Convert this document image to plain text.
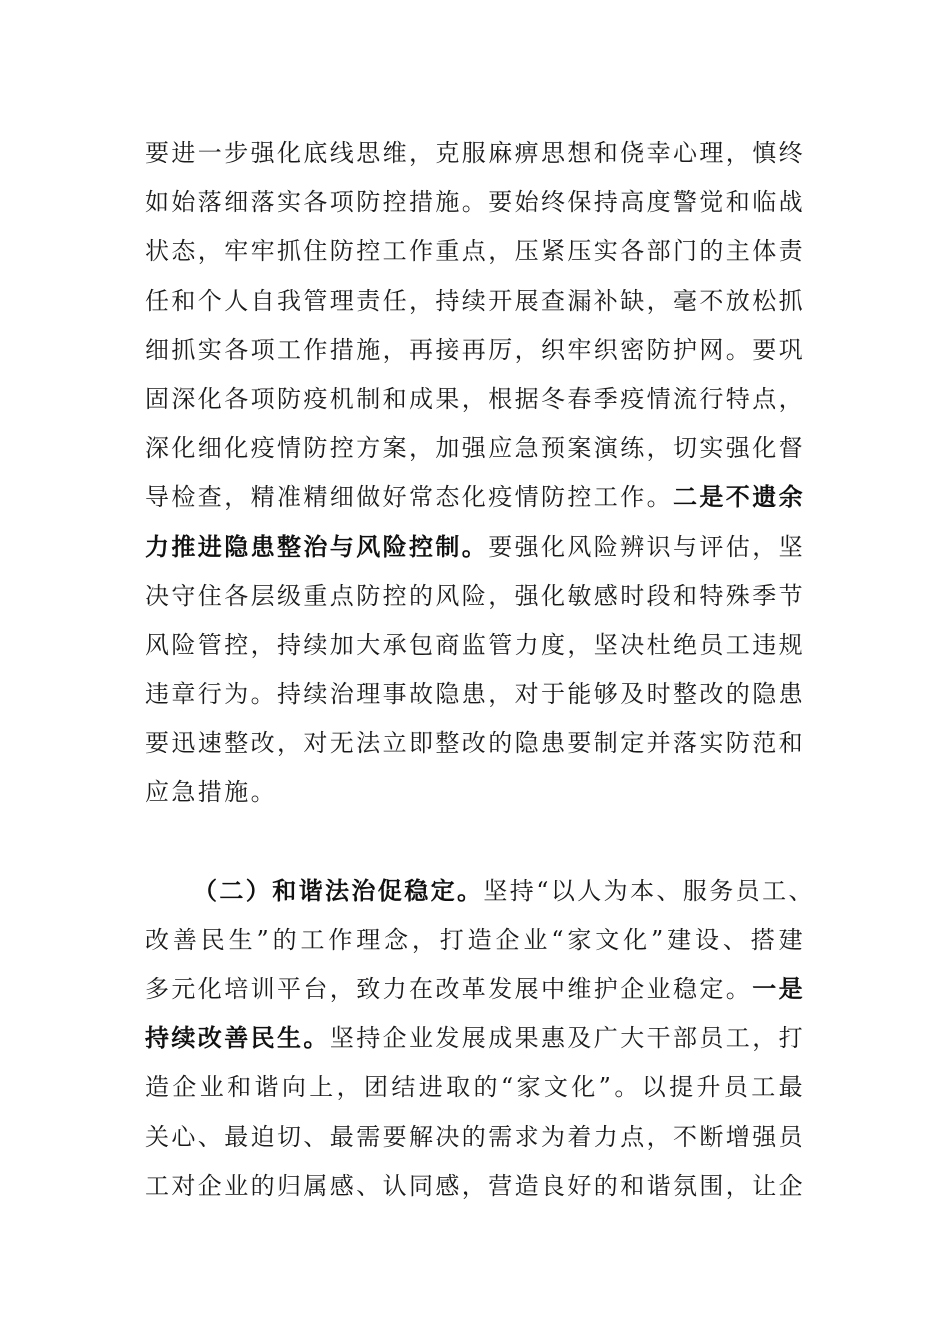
要进一步强化底线思维，克服麻痹思想和侥幸心理，慎终
如始落细落实各项防控措施。要始终保持高度警觉和临战
状态，牢牢抓住防控工作重点，压紧压实各部门的主体责
任和个人自我管理责任，持续开展查漏补缺，毫不放松抓
细抓实各项工作措施，再接再厉，织牢织密防护网。要巩
固深化各项防疫机制和成果，根据冬春季疫情流行特点，
深化细化疫情防控方案，加强应急预案演练，切实强化督
导检查，精准精细做好常态化疫情防控工作。二是不遗余
力推进隐患整治与风险控制。要强化风险辨识与评估，坚
决守住各层级重点防控的风险，强化敏感时段和特殊季节
风险管控，持续加大承包商监管力度，坚决杜绝员工违规
违章行为。持续治理事故隐患，对于能够及时整改的隐患
要迅速整改，对无法立即整改的隐患要制定并落实防范和
应急措施。
（二）和谐法治促稳定。坚持“以人为本、服务员工、
改善民生”的工作理念，打造企业“家文化”建设、搭建
多元化培训平台，致力在改革发展中维护企业稳定。一是
持续改善民生。坚持企业发展成果惠及广大干部员工，打
造企业和谐向上，团结进取的“家文化”。以提升员工最
关心、最迫切、最需要解决的需求为着力点，不断增强员
工对企业的归属感、认同感，营造良好的和谐氛围，让企
